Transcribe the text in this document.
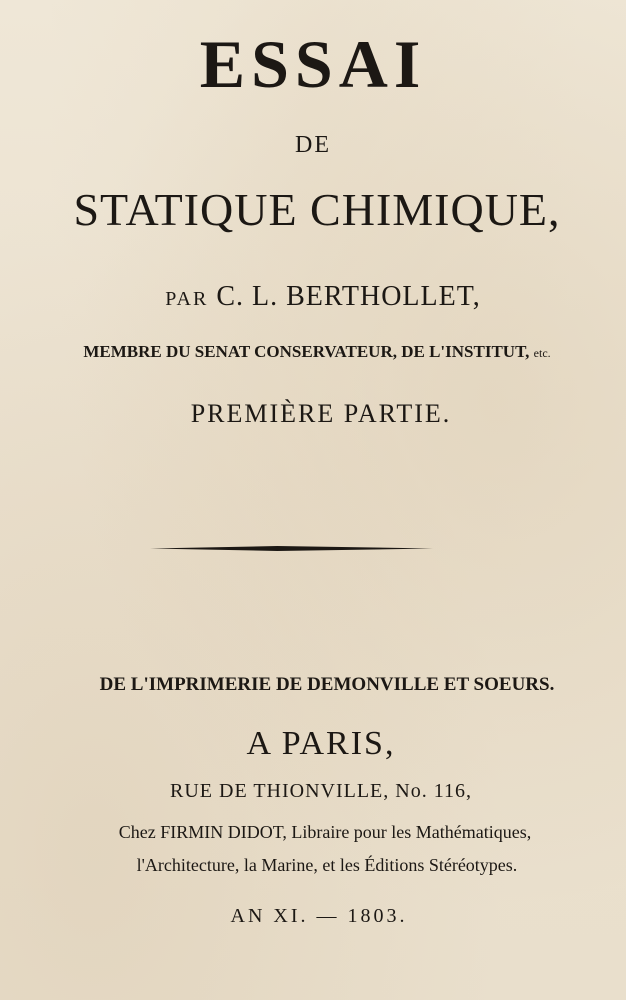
ESSAI
DE
STATIQUE CHIMIQUE,
PAR C. L. BERTHOLLET,
MEMBRE DU SENAT CONSERVATEUR, DE L'INSTITUT, etc.
PREMIÈRE PARTIE.
DE L'IMPRIMERIE DE DEMONVILLE ET SOEURS.
A PARIS,
RUE DE THIONVILLE, No. 116,
Chez FIRMIN DIDOT, Libraire pour les Mathématiques,
l'Architecture, la Marine, et les Éditions Stéréotypes.
AN XI. — 1803.
